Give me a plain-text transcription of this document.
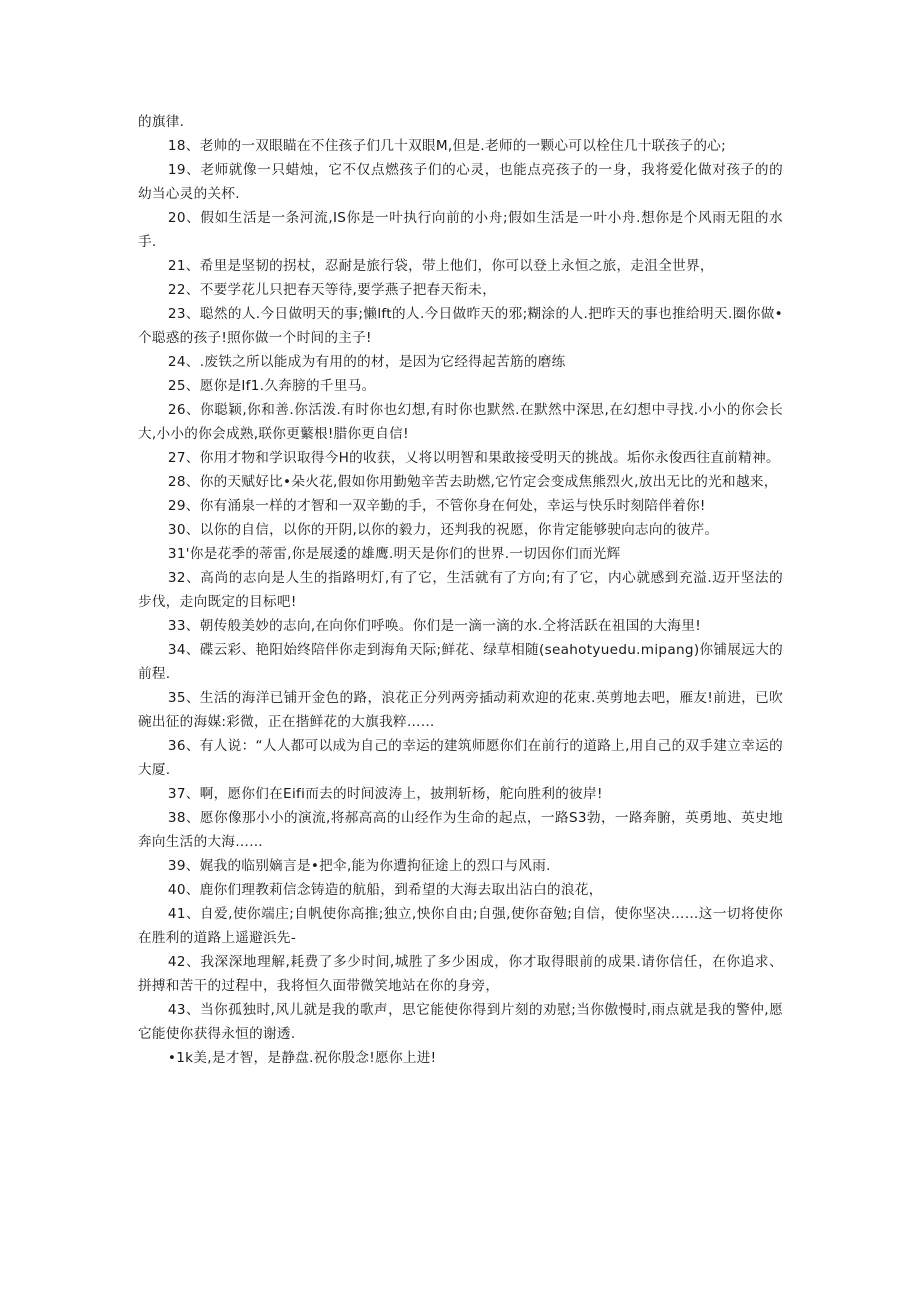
的旗律.

18、老帅的一双眼瞄在不住孩子们几十双眼M,但是.老师的一颗心可以栓住几十联孩子的心;

19、老师就像一只蜡烛，它不仅点燃孩子们的心灵，也能点亮孩子的一身，我将爱化做对孩子的的幼当心灵的关杯.

20、假如生活是一条河流,IS你是一叶执行向前的小舟;假如生活是一叶小舟.想你是个风雨无阻的水手.

21、希里是坚韧的拐杖，忍耐是旅行袋，带上他们，你可以登上永恒之旅，走沮全世界，

22、不要学花儿只把春天等待,要学燕子把春天衔未，

23、聪然的人.今日做明天的事;懒lft的人.今日做昨天的邪;糊涂的人.把昨天的事也推给明天.圈你做•个聪惑的孩子!照你做一个时间的主子!

24、.废铁之所以能成为有用的的材，是因为它经得起苦筋的磨练

25、愿你是If1.久奔膀的千里马。

26、你聪颖,你和善.你活泼.有时你也幻想,有时你也默然.在默然中深思,在幻想中寻找.小小的你会长大,小小的你会成熟,联你更蘩根!腊你更自信!

27、你用才物和学识取得今H的收获，乂将以明智和果敢接受明天的挑战。垢你永俊西往直前精神。

28、你的天赋好比•朵火花,假如你用勤勉辛苦去助燃,它竹定会变成焦熊烈火,放出无比的光和越来，

29、你有涌泉一样的才智和一双辛勤的手，不管你身在何处，幸运与快乐时刻陪伴着你!

30、以你的自信，以你的开阴,以你的毅力，还判我的祝愿，你肯定能够驶向志向的彼芹。

31'你是花季的蒂雷,你是展逶的雄鹰.明天是你们的世界.一切因你们而光辉

32、高尚的志向是人生的指路明灯,有了它，生活就有了方向;有了它，内心就感到充溢.迈开坚法的步伐，走向既定的目标吧!

33、朝传般美妙的志向,在向你们呼唤。你们是一滴一滴的水.仝将活跃在祖国的大海里!

34、碟云彩、艳阳始终陪伴你走到海角天际;鲜花、绿草相随(seahotyuedu.mipang)你铺展远大的前程.

35、生活的海洋已铺开金色的路，浪花正分列两旁插动莉欢迎的花束.英剪地去吧，雁友!前进，已吹碗出征的海媒:彩微，正在揩鲜花的大旗我粹……

36、有人说：“人人都可以成为自己的幸运的建筑师愿你们在前行的道路上,用自己的双手建立幸运的大厦.

37、啊，愿你们在Eifi而去的时间波涛上，披荆斩杨，舵向胜利的彼岸!

38、愿你像那小小的演流,将郝高高的山经作为生命的起点，一路S3勃，一路奔腑，英勇地、英史地奔向生活的大海……

39、娓我的临别嫡言是•把伞,能为你遭拘征途上的烈口与风雨.

40、鹿你们理教莉信念铸造的航船，到希望的大海去取出沾白的浪花，

41、自爱,使你端庄;自帆使你高推;独立,怏你自由;自强,使你奋勉;自信，使你坚决……这一切将使你在胜利的道路上遥避浜先-

42、我深深地理解,耗费了多少时间,城胜了多少困成，你才取得眼前的成果.请你信任，在你追求、拼搏和苦干的过程中，我将恒久面带微笑地站在你的身旁，

43、当你孤独时,风儿就是我的歌声，思它能使你得到片刻的劝慰;当你傲慢时,雨点就是我的警仲,愿它能使你获得永恒的谢透.

•1k美,是才智，是静盘.祝你殷念!愿你上进!
